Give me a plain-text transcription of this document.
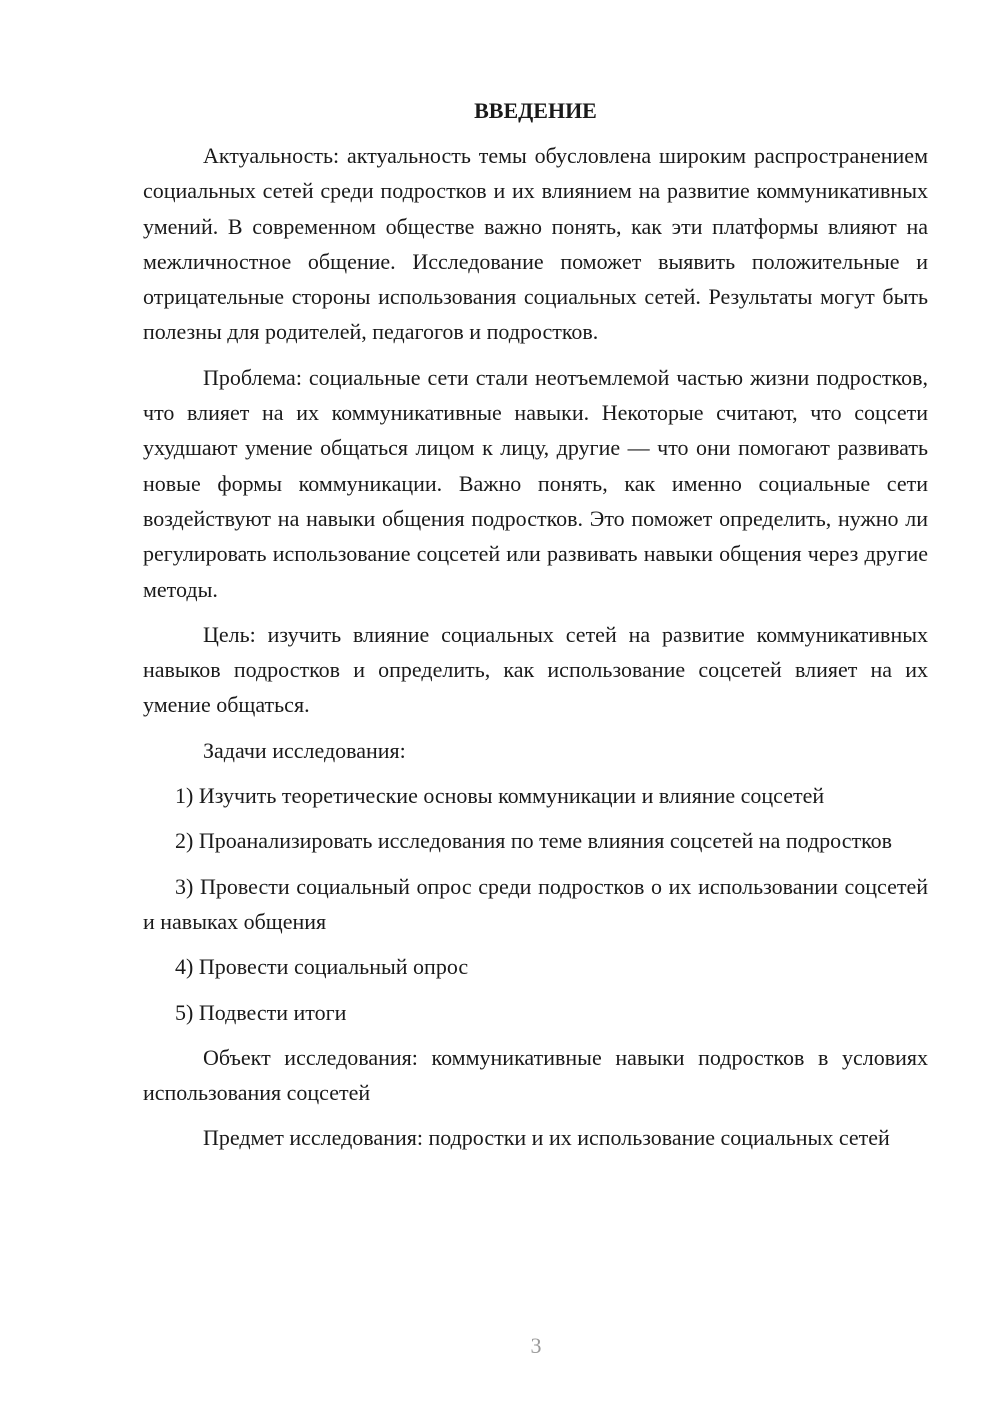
ВВЕДЕНИЕ

Актуальность: актуальность темы обусловлена широким распространением социальных сетей среди подростков и их влиянием на развитие коммуникативных умений. В современном обществе важно понять, как эти платформы влияют на межличностное общение. Исследование поможет выявить положительные и отрицательные стороны использования социальных сетей. Результаты могут быть полезны для родителей, педагогов и подростков.

Проблема: социальные сети стали неотъемлемой частью жизни подростков, что влияет на их коммуникативные навыки. Некоторые считают, что соцсети ухудшают умение общаться лицом к лицу, другие — что они помогают развивать новые формы коммуникации. Важно понять, как именно социальные сети воздействуют на навыки общения подростков. Это поможет определить, нужно ли регулировать использование соцсетей или развивать навыки общения через другие методы.

Цель: изучить влияние социальных сетей на развитие коммуникативных навыков подростков и определить, как использование соцсетей влияет на их умение общаться.

Задачи исследования:

1) Изучить теоретические основы коммуникации и влияние соцсетей

2) Проанализировать исследования по теме влияния соцсетей на подростков

3) Провести социальный опрос среди подростков о их использовании соцсетей и навыках общения

4) Провести социальный опрос

5) Подвести итоги

Объект исследования: коммуникативные навыки подростков в условиях использования соцсетей

Предмет исследования: подростки и их использование социальных сетей

3
